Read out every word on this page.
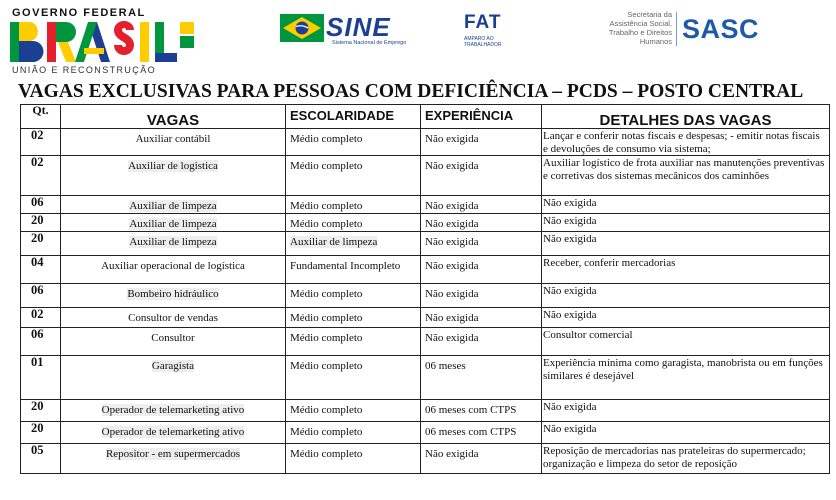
GOVERNO FEDERAL
UNIÃO E RECONSTRUÇÃO
SINE
Sistema Nacional de Emprego
FAT
AMPARO AO TRABALHADOR
Secretaria da Assistência Social, Trabalho e Direitos Humanos SASC
VAGAS EXCLUSIVAS PARA PESSOAS COM DEFICIÊNCIA – PCDS – POSTO CENTRAL
Qt.	VAGAS	ESCOLARIDADE	EXPERIÊNCIA	DETALHES DAS VAGAS
02	Auxiliar contábil	Médio completo	Não exigida	Lançar e conferir notas fiscais e despesas; - emitir notas fiscais e devoluções de consumo via sistema;
02	Auxiliar de logistica	Médio completo	Não exigida	Auxiliar logístico de frota auxiliar nas manutenções preventivas e corretivas dos sistemas mecânicos dos caminhões
06	Auxiliar de limpeza	Médio completo	Não exigida	Não exigida
20	Auxiliar de limpeza	Médio completo	Não exigida	Não exigida
20	Auxiliar de limpeza	Auxiliar de limpeza	Não exigida	Não exigida
04	Auxiliar operacional de logística	Fundamental Incompleto	Não exigida	Receber, conferir mercadorias
06	Bombeiro hidráulico	Médio completo	Não exigida	Não exigida
02	Consultor de vendas	Médio completo	Não exigida	Não exigida
06	Consultor	Médio completo	Não exigida	Consultor comercial
01	Garagista	Médio completo	06 meses	Experiência mínima como garagista, manobrista ou em funções similares é desejável
20	Operador de telemarketing ativo	Médio completo	06 meses com CTPS	Não exigida
20	Operador de telemarketing ativo	Médio completo	06 meses com CTPS	Não exigida
05	Repositor - em supermercados	Médio completo	Não exigida	Reposição de mercadorias nas prateleiras do supermercado; organização e limpeza do setor de reposição
